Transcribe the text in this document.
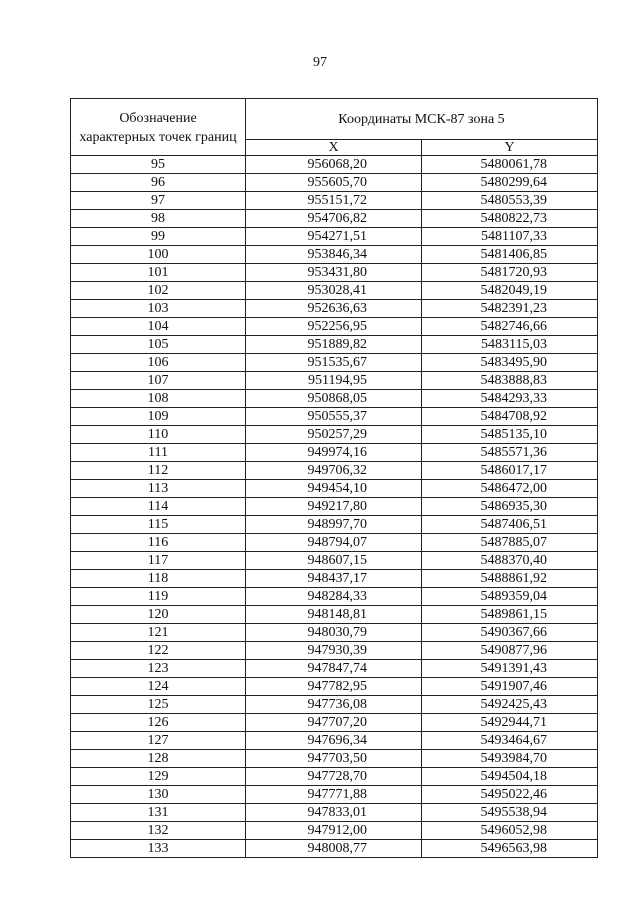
97
Обозначение
характерных точек границ	Координаты МСК-87 зона 5	
	X	Y
95	956068,20	5480061,78
96	955605,70	5480299,64
97	955151,72	5480553,39
98	954706,82	5480822,73
99	954271,51	5481107,33
100	953846,34	5481406,85
101	953431,80	5481720,93
102	953028,41	5482049,19
103	952636,63	5482391,23
104	952256,95	5482746,66
105	951889,82	5483115,03
106	951535,67	5483495,90
107	951194,95	5483888,83
108	950868,05	5484293,33
109	950555,37	5484708,92
110	950257,29	5485135,10
111	949974,16	5485571,36
112	949706,32	5486017,17
113	949454,10	5486472,00
114	949217,80	5486935,30
115	948997,70	5487406,51
116	948794,07	5487885,07
117	948607,15	5488370,40
118	948437,17	5488861,92
119	948284,33	5489359,04
120	948148,81	5489861,15
121	948030,79	5490367,66
122	947930,39	5490877,96
123	947847,74	5491391,43
124	947782,95	5491907,46
125	947736,08	5492425,43
126	947707,20	5492944,71
127	947696,34	5493464,67
128	947703,50	5493984,70
129	947728,70	5494504,18
130	947771,88	5495022,46
131	947833,01	5495538,94
132	947912,00	5496052,98
133	948008,77	5496563,98
